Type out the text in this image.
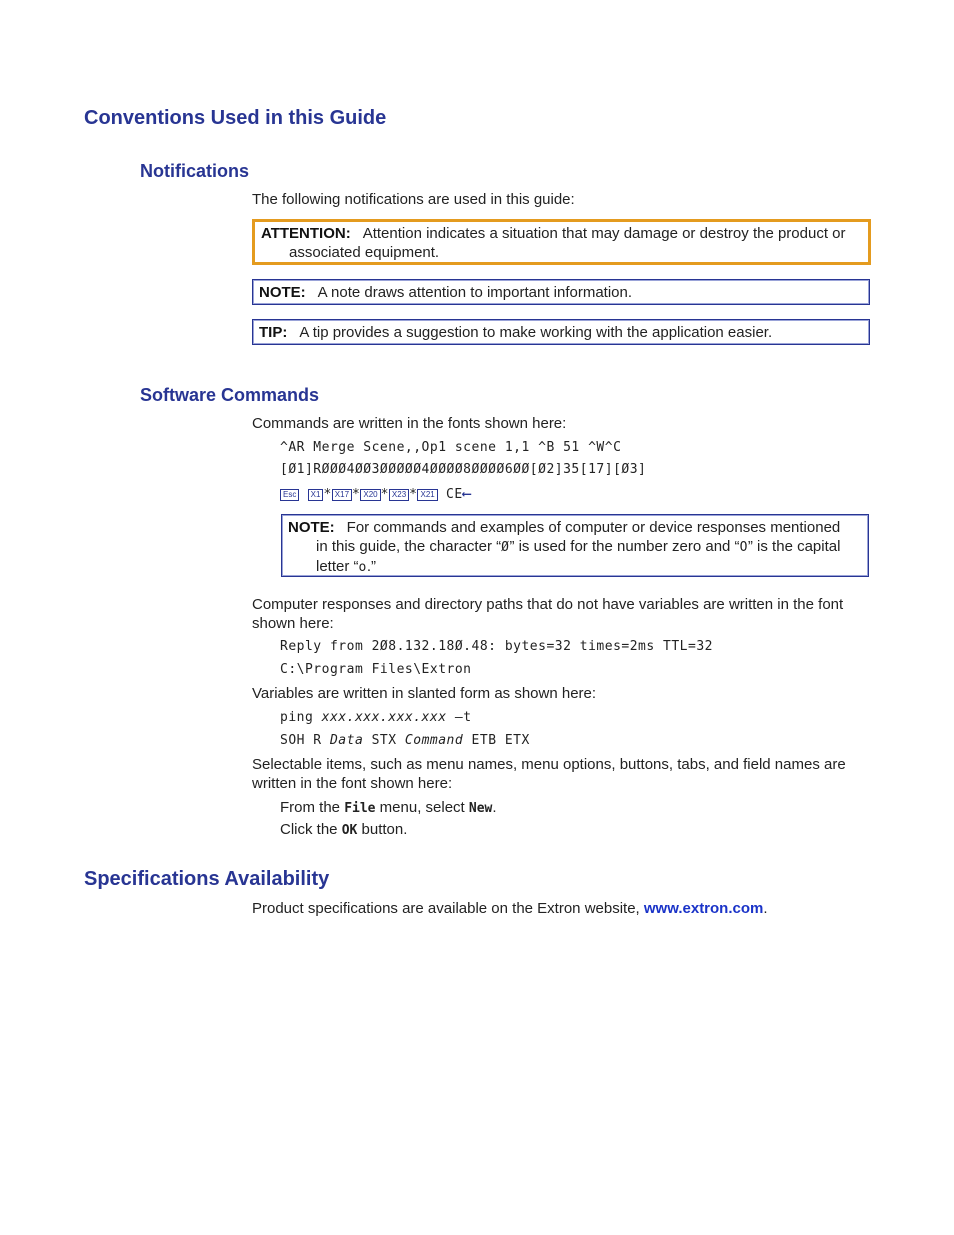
Conventions Used in this Guide
Notifications
The following notifications are used in this guide:
ATTENTION: Attention indicates a situation that may damage or destroy the product or
associated equipment.
NOTE: A note draws attention to important information.
TIP: A tip provides a suggestion to make working with the application easier.
Software Commands
Commands are written in the fonts shown here:
^AR Merge Scene,,Op1 scene 1,1 ^B 51 ^W^C
[Ø1]RØØØ4ØØ3ØØØØØ4ØØØØ8ØØØØ6ØØ[Ø2]35[17][Ø3]
Esc X1 * X17 * X20 * X23 * X21 CE⟵
NOTE: For commands and examples of computer or device responses mentioned
in this guide, the character “Ø” is used for the number zero and “O” is the capital
letter “o.”
Computer responses and directory paths that do not have variables are written in the font
shown here:
Reply from 2Ø8.132.18Ø.48: bytes=32 times=2ms TTL=32
C:\Program Files\Extron
Variables are written in slanted form as shown here:
ping xxx.xxx.xxx.xxx —t
SOH R Data STX Command ETB ETX
Selectable items, such as menu names, menu options, buttons, tabs, and field names are
written in the font shown here:
From the File menu, select New.
Click the OK button.
Specifications Availability
Product specifications are available on the Extron website, www.extron.com.
